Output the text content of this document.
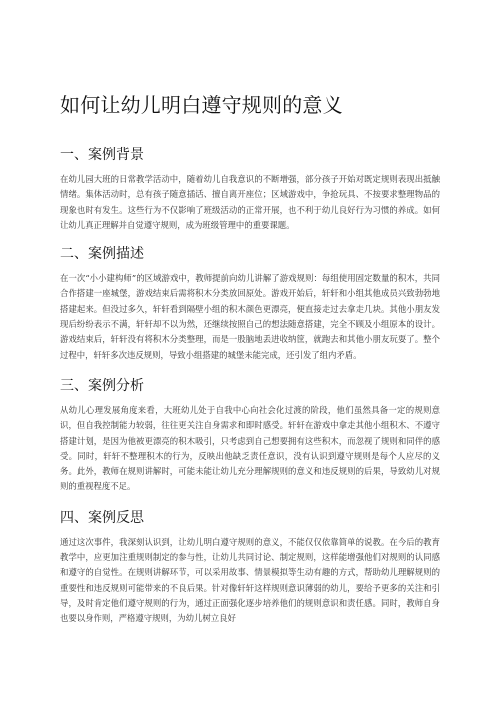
如何让幼儿明白遵守规则的意义
一、案例背景

在幼儿园大班的日常教学活动中，随着幼儿自我意识的不断增强，部分孩子开始对既定规则表现出抵触情绪。集体活动时，总有孩子随意插话、擅自离开座位；区域游戏中，争抢玩具、不按要求整理物品的现象也时有发生。这些行为不仅影响了班级活动的正常开展，也不利于幼儿良好行为习惯的养成。如何让幼儿真正理解并自觉遵守规则，成为班级管理中的重要课题。

二、案例描述

在一次“小小建构师”的区域游戏中，教师提前向幼儿讲解了游戏规则：每组使用固定数量的积木，共同合作搭建一座城堡，游戏结束后需将积木分类放回原处。游戏开始后，轩轩和小组其他成员兴致勃勃地搭建起来。但没过多久，轩轩看到隔壁小组的积木颜色更漂亮，便直接走过去拿走几块。其他小朋友发现后纷纷表示不满，轩轩却不以为然，还继续按照自己的想法随意搭建，完全不顾及小组原本的设计。游戏结束后，轩轩没有将积木分类整理，而是一股脑地丢进收纳筐，就跑去和其他小朋友玩耍了。整个过程中，轩轩多次违反规则，导致小组搭建的城堡未能完成，还引发了组内矛盾。

三、案例分析

从幼儿心理发展角度来看，大班幼儿处于自我中心向社会化过渡的阶段，他们虽然具备一定的规则意识，但自我控制能力较弱，往往更关注自身需求和即时感受。轩轩在游戏中拿走其他小组积木、不遵守搭建计划，是因为他被更漂亮的积木吸引，只考虑到自己想要拥有这些积木，而忽视了规则和同伴的感受。同时，轩轩不整理积木的行为，反映出他缺乏责任意识，没有认识到遵守规则是每个人应尽的义务。此外，教师在规则讲解时，可能未能让幼儿充分理解规则的意义和违反规则的后果，导致幼儿对规则的重视程度不足。

四、案例反思

通过这次事件，我深刻认识到，让幼儿明白遵守规则的意义，不能仅仅依靠简单的说教。在今后的教育教学中，应更加注重规则制定的参与性，让幼儿共同讨论、制定规则，这样能增强他们对规则的认同感和遵守的自觉性。在规则讲解环节，可以采用故事、情景模拟等生动有趣的方式，帮助幼儿理解规则的重要性和违反规则可能带来的不良后果。针对像轩轩这样规则意识薄弱的幼儿，要给予更多的关注和引导，及时肯定他们遵守规则的行为，通过正面强化逐步培养他们的规则意识和责任感。同时，教师自身也要以身作则，严格遵守规则，为幼儿树立良好
